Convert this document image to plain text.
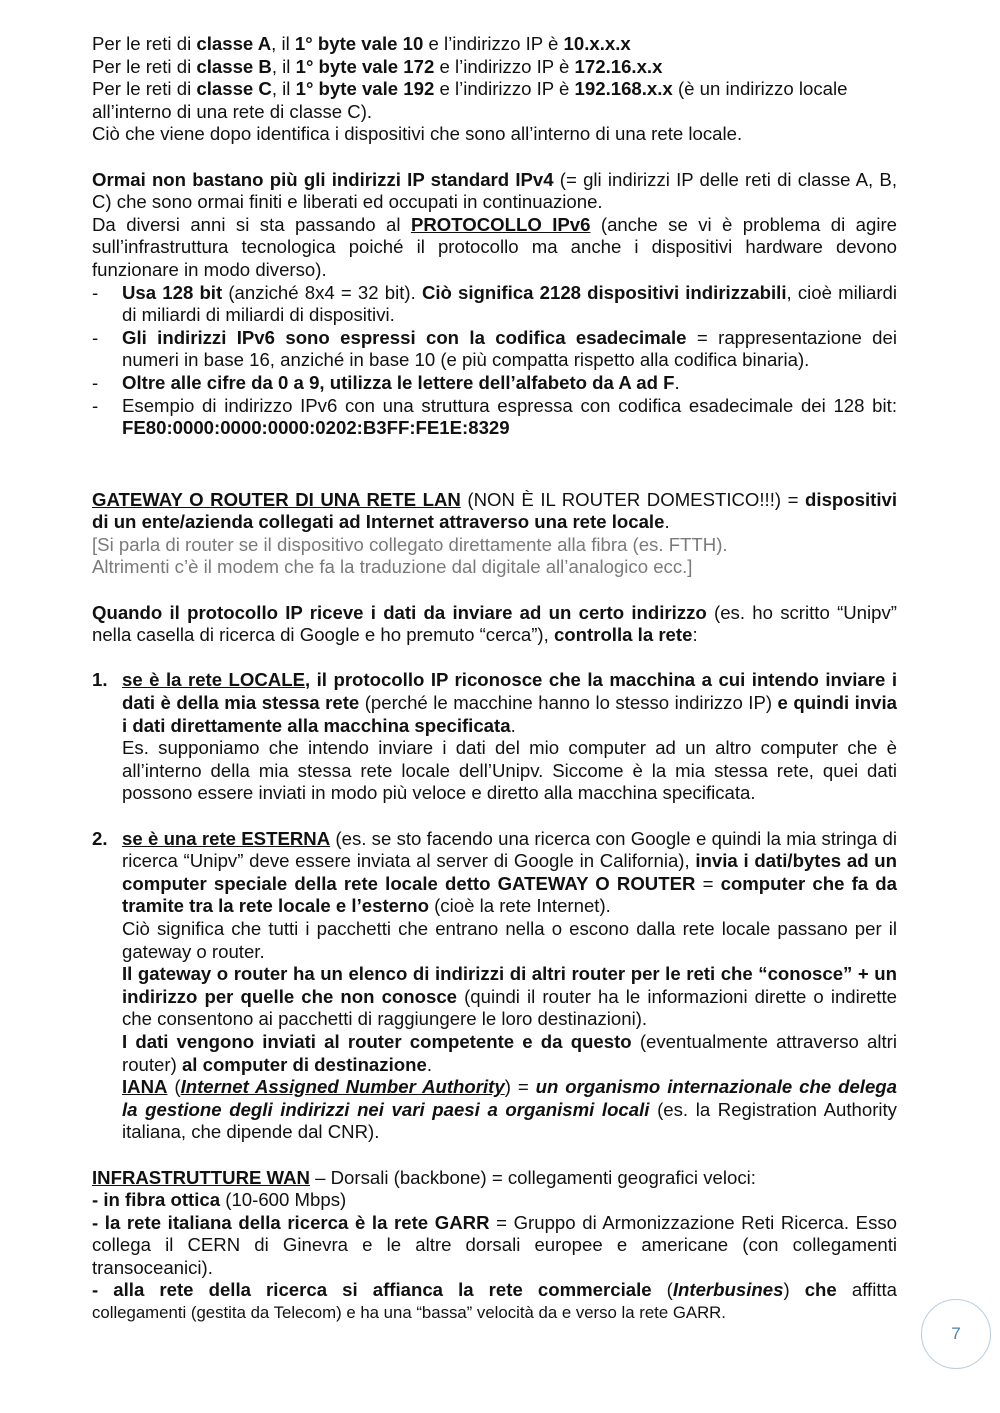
Per le reti di classe A, il 1° byte vale 10 e l’indirizzo IP è 10.x.x.x

Per le reti di classe B, il 1° byte vale 172 e l’indirizzo IP è 172.16.x.x

Per le reti di classe C, il 1° byte vale 192 e l’indirizzo IP è 192.168.x.x (è un indirizzo locale all’interno di una rete di classe C).

Ciò che viene dopo identifica i dispositivi che sono all’interno di una rete locale.

Ormai non bastano più gli indirizzi IP standard IPv4 (= gli indirizzi IP delle reti di classe A, B, C) che sono ormai finiti e liberati ed occupati in continuazione.

Da diversi anni si sta passando al PROTOCOLLO IPv6 (anche se vi è problema di agire sull’infrastruttura tecnologica poiché il protocollo ma anche i dispositivi hardware devono funzionare in modo diverso).

- Usa 128 bit (anziché 8x4 = 32 bit). Ciò significa 2128 dispositivi indirizzabili, cioè miliardi di miliardi di miliardi di dispositivi.
- Gli indirizzi IPv6 sono espressi con la codifica esadecimale = rappresentazione dei numeri in base 16, anziché in base 10 (e più compatta rispetto alla codifica binaria).
- Oltre alle cifre da 0 a 9, utilizza le lettere dell’alfabeto da A ad F.
- Esempio di indirizzo IPv6 con una struttura espressa con codifica esadecimale dei 128 bit: FE80:0000:0000:0000:0202:B3FF:FE1E:8329

GATEWAY O ROUTER DI UNA RETE LAN (NON È IL ROUTER DOMESTICO!!!) = dispositivi di un ente/azienda collegati ad Internet attraverso una rete locale.

[Si parla di router se il dispositivo collegato direttamente alla fibra (es. FTTH).

Altrimenti c’è il modem che fa la traduzione dal digitale all’analogico ecc.]

Quando il protocollo IP riceve i dati da inviare ad un certo indirizzo (es. ho scritto “Unipv” nella casella di ricerca di Google e ho premuto “cerca”), controlla la rete:

1. se è la rete LOCALE, il protocollo IP riconosce che la macchina a cui intendo inviare i dati è della mia stessa rete (perché le macchine hanno lo stesso indirizzo IP) e quindi invia i dati direttamente alla macchina specificata.

Es. supponiamo che intendo inviare i dati del mio computer ad un altro computer che è all’interno della mia stessa rete locale dell’Unipv. Siccome è la mia stessa rete, quei dati possono essere inviati in modo più veloce e diretto alla macchina specificata.

2. se è una rete ESTERNA (es. se sto facendo una ricerca con Google e quindi la mia stringa di ricerca “Unipv” deve essere inviata al server di Google in California), invia i dati/bytes ad un computer speciale della rete locale detto GATEWAY O ROUTER = computer che fa da tramite tra la rete locale e l’esterno (cioè la rete Internet).

Ciò significa che tutti i pacchetti che entrano nella o escono dalla rete locale passano per il gateway o router.

Il gateway o router ha un elenco di indirizzi di altri router per le reti che “conosce” + un indirizzo per quelle che non conosce (quindi il router ha le informazioni dirette o indirette che consentono ai pacchetti di raggiungere le loro destinazioni).

I dati vengono inviati al router competente e da questo (eventualmente attraverso altri router) al computer di destinazione.

IANA (Internet Assigned Number Authority) = un organismo internazionale che delega la gestione degli indirizzi nei vari paesi a organismi locali (es. la Registration Authority italiana, che dipende dal CNR).

INFRASTRUTTURE WAN – Dorsali (backbone) = collegamenti geografici veloci:

- in fibra ottica (10-600 Mbps)

- la rete italiana della ricerca è la rete GARR = Gruppo di Armonizzazione Reti Ricerca. Esso collega il CERN di Ginevra e le altre dorsali europee e americane (con collegamenti transoceanici).

- alla rete della ricerca si affianca la rete commerciale (Interbusines) che affitta

collegamenti (gestita da Telecom) e ha una “bassa” velocità da e verso la rete GARR.

7
